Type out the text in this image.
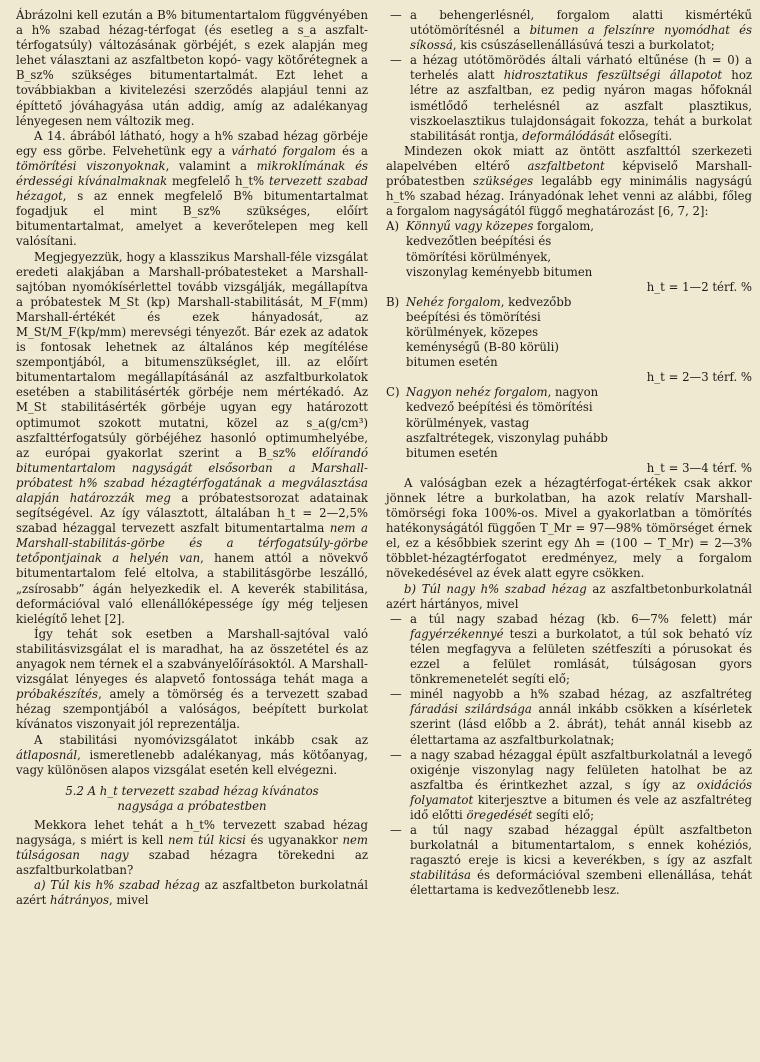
Ábrázolni kell ezután a B% bitumentartalom függvényében a h% szabad hézag-térfogat (és esetleg a s_a aszfalt-térfogatsúly) változásának görbéjét, s ezek alapján meg lehet választani az aszfaltbeton kopó- vagy kötőrétegnek a B_sz% szükséges bitumentartalmát. Ezt lehet a továbbiakban a kivitelezési szerződés alapjául tenni az építtető jóváhagyása után addig, amíg az adalékanyag lényegesen nem változik meg.

A 14. ábrából látható, hogy a h% szabad hézag görbéje egy ess görbe. Felvehetünk egy a várható forgalom és a tömörítési viszonyoknak, valamint a mikroklímának és érdességi kívánalmaknak megfelelő h_t% tervezett szabad hézagot, s az ennek megfelelő B% bitumentartalmat fogadjuk el mint B_sz% szükséges, előírt bitumentartalmat, amelyet a keverőtelepen meg kell valósítani.

Megjegyezzük, hogy a klasszikus Marshall-féle vizsgálat eredeti alakjában a Marshall-próbatesteket a Marshall-sajtóban nyomókísérlettel tovább vizsgálják, megállapítva a próbatestek M_St (kp) Marshall-stabilitását, M_F(mm) Marshall-értékét és ezek hányadosát, az M_St/M_F(kp/mm) merevségi tényezőt. Bár ezek az adatok is fontosak lehetnek az általános kép megítélése szempontjából, a bitumenszükséglet, ill. az előírt bitumentartalom megállapításánál az aszfaltburkolatok esetében a stabilitásérték görbéje nem mértékadó. Az M_St stabilitásérték görbéje ugyan egy határozott optimumot szokott mutatni, közel az s_a(g/cm³) aszfalttérfogatsúly görbéjéhez hasonló optimumhelyébe, az európai gyakorlat szerint a B_sz% előírandó bitumentartalom nagyságát elsősorban a Marshall-próbatest h% szabad hézagtérfogatának a megválasztása alapján határozzák meg a próbatestsorozat adatainak segítségével. Az így választott, általában h_t = 2—2,5% szabad hézaggal tervezett aszfalt bitumentartalma nem a Marshall-stabilitás-görbe és a térfogatsúly-görbe tetőpontjainak a helyén van, hanem attól a növekvő bitumentartalom felé eltolva, a stabilitásgörbe leszálló, „zsírosabb” ágán helyezkedik el. A keverék stabilitása, deformációval való ellenállóképessége így még teljesen kielégítő lehet [2].

Így tehát sok esetben a Marshall-sajtóval való stabilitásvizsgálat el is maradhat, ha az összetétel és az anyagok nem térnek el a szabványelőírásoktól. A Marshall-vizsgálat lényeges és alapvető fontossága tehát maga a próbakészítés, amely a tömörség és a tervezett szabad hézag szempontjából a valóságos, beépített burkolat kívánatos viszonyait jól reprezentálja.

A stabilitási nyomóvizsgálatot inkább csak az átlaposnál, ismeretlenebb adalékanyag, más kötőanyag, vagy különösen alapos vizsgálat esetén kell elvégezni.

5.2 A h_t tervezett szabad hézag kívánatos
nagysága a próbatestben

Mekkora lehet tehát a h_t% tervezett szabad hézag nagysága, s miért is kell nem túl kicsi és ugyanakkor nem túlságosan nagy szabad hézagra törekedni az aszfaltburkolatban?

a) Túl kis h% szabad hézag az aszfaltbeton burkolatnál azért hátrányos, mivel

— a behengerlésnél, forgalom alatti kismértékű utótömörítésnél a bitumen a felszínre nyomódhat és síkossá, kis csúszásellenállásúvá teszi a burkolatot;
— a hézag utótömörödés általi várható eltűnése (h = 0) a terhelés alatt hidrosztatikus feszültségi állapotot hoz létre az aszfaltban, ez pedig nyáron magas hőfoknál ismétlődő terhelésnél az aszfalt plasztikus, viszkoelasztikus tulajdonságait fokozza, tehát a burkolat stabilitását rontja, deformálódását elősegíti.

Mindezen okok miatt az öntött aszfalttól szerkezeti alapelvében eltérő aszfaltbetont képviselő Marshall-próbatestben szükséges legalább egy minimális nagyságú h_t% szabad hézag. Irányadónak lehet venni az alábbi, főleg a forgalom nagyságától függő meghatározást [6, 7, 2]:

A) Könnyű vagy közepes forgalom, kedvezőtlen beépítési és tömörítési körülmények, viszonylag keményebb bitumen
h_t = 1—2 térf. %
B) Nehéz forgalom, kedvezőbb beépítési és tömörítési körülmények, közepes keménységű (B-80 körüli) bitumen esetén
h_t = 2—3 térf. %
C) Nagyon nehéz forgalom, nagyon kedvező beépítési és tömörítési körülmények, vastag aszfaltrétegek, viszonylag puhább bitumen esetén
h_t = 3—4 térf. %

A valóságban ezek a hézagtérfogat-értékek csak akkor jönnek létre a burkolatban, ha azok relatív Marshall-tömörségi foka 100%-os. Mivel a gyakorlatban a tömörítés hatékonyságától függően T_Mr = 97—98% tömörséget érnek el, ez a későbbiek szerint egy Δh = (100 − T_Mr) = 2—3% többlet-hézagtérfogatot eredményez, mely a forgalom növekedésével az évek alatt egyre csökken.

b) Túl nagy h% szabad hézag az aszfaltbetonburkolatnál azért hártányos, mivel

— a túl nagy szabad hézag (kb. 6—7% felett) már fagyérzékennyé teszi a burkolatot, a túl sok beható víz télen megfagyva a felületen szétfeszíti a pórusokat és ezzel a felület romlását, túlságosan gyors tönkremenetelét segíti elő;
— minél nagyobb a h% szabad hézag, az aszfaltréteg fáradási szilárdsága annál inkább csökken a kísérletek szerint (lásd előbb a 2. ábrát), tehát annál kisebb az élettartama az aszfaltburkolatnak;
— a nagy szabad hézaggal épült aszfaltburkolatnál a levegő oxigénje viszonylag nagy felületen hatolhat be az aszfaltba és érintkezhet azzal, s így az oxidációs folyamatot kiterjesztve a bitumen és vele az aszfaltréteg idő előtti öregedését segíti elő;
— a túl nagy szabad hézaggal épült aszfaltbeton burkolatnál a bitumentartalom, s ennek kohéziós, ragasztó ereje is kicsi a keverékben, s így az aszfalt stabilitása és deformációval szembeni ellenállása, tehát élettartama is kedvezőtlenebb lesz.
